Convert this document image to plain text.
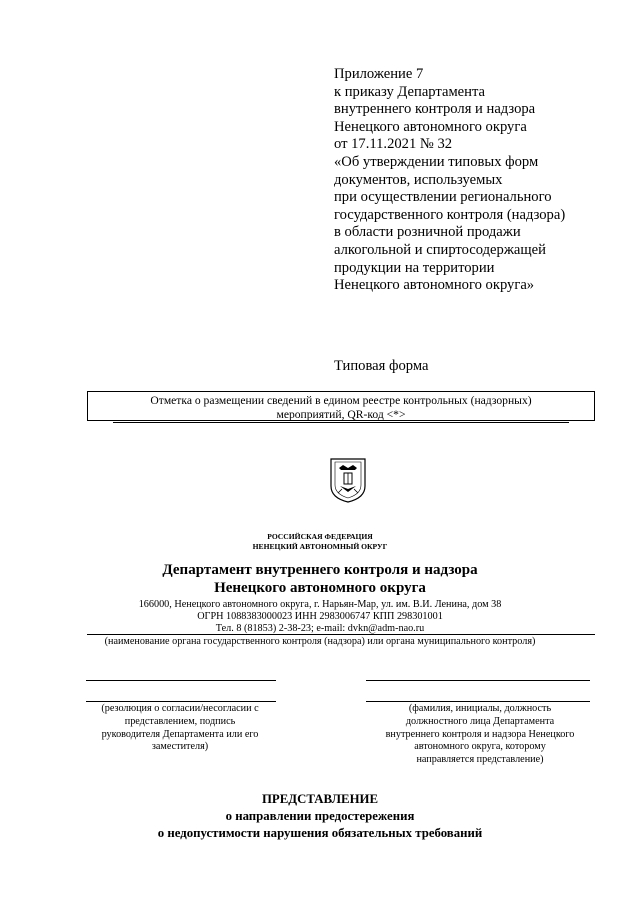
Приложение 7
к приказу Департамента
внутреннего контроля и надзора
Ненецкого автономного округа
от 17.11.2021 № 32
«Об утверждении типовых форм
документов, используемых
при осуществлении регионального
государственного контроля (надзора)
в области розничной продажи
алкогольной и спиртосодержащей
продукции на территории
Ненецкого автономного округа»
Типовая форма
Отметка о размещении сведений в едином реестре контрольных (надзорных)
мероприятий, QR-код <*>
РОССИЙСКАЯ ФЕДЕРАЦИЯ
НЕНЕЦКИЙ АВТОНОМНЫЙ ОКРУГ
Департамент внутреннего контроля и надзора
Ненецкого автономного округа
166000, Ненецкого автономного округа, г. Нарьян-Мар, ул. им. В.И. Ленина, дом 38
ОГРН 1088383000023 ИНН 2983006747 КПП 298301001
Тел. 8 (81853) 2-38-23; e-mail: dvkn@adm-nao.ru
(наименование органа государственного контроля (надзора) или органа муниципального контроля)
(резолюция о согласии/несогласии с
представлением, подпись
руководителя Департамента или его
заместителя)
(фамилия, инициалы, должность
должностного лица Департамента
внутреннего контроля и надзора Ненецкого
автономного округа, которому
направляется представление)
ПРЕДСТАВЛЕНИЕ
о направлении предостережения
о недопустимости нарушения обязательных требований
